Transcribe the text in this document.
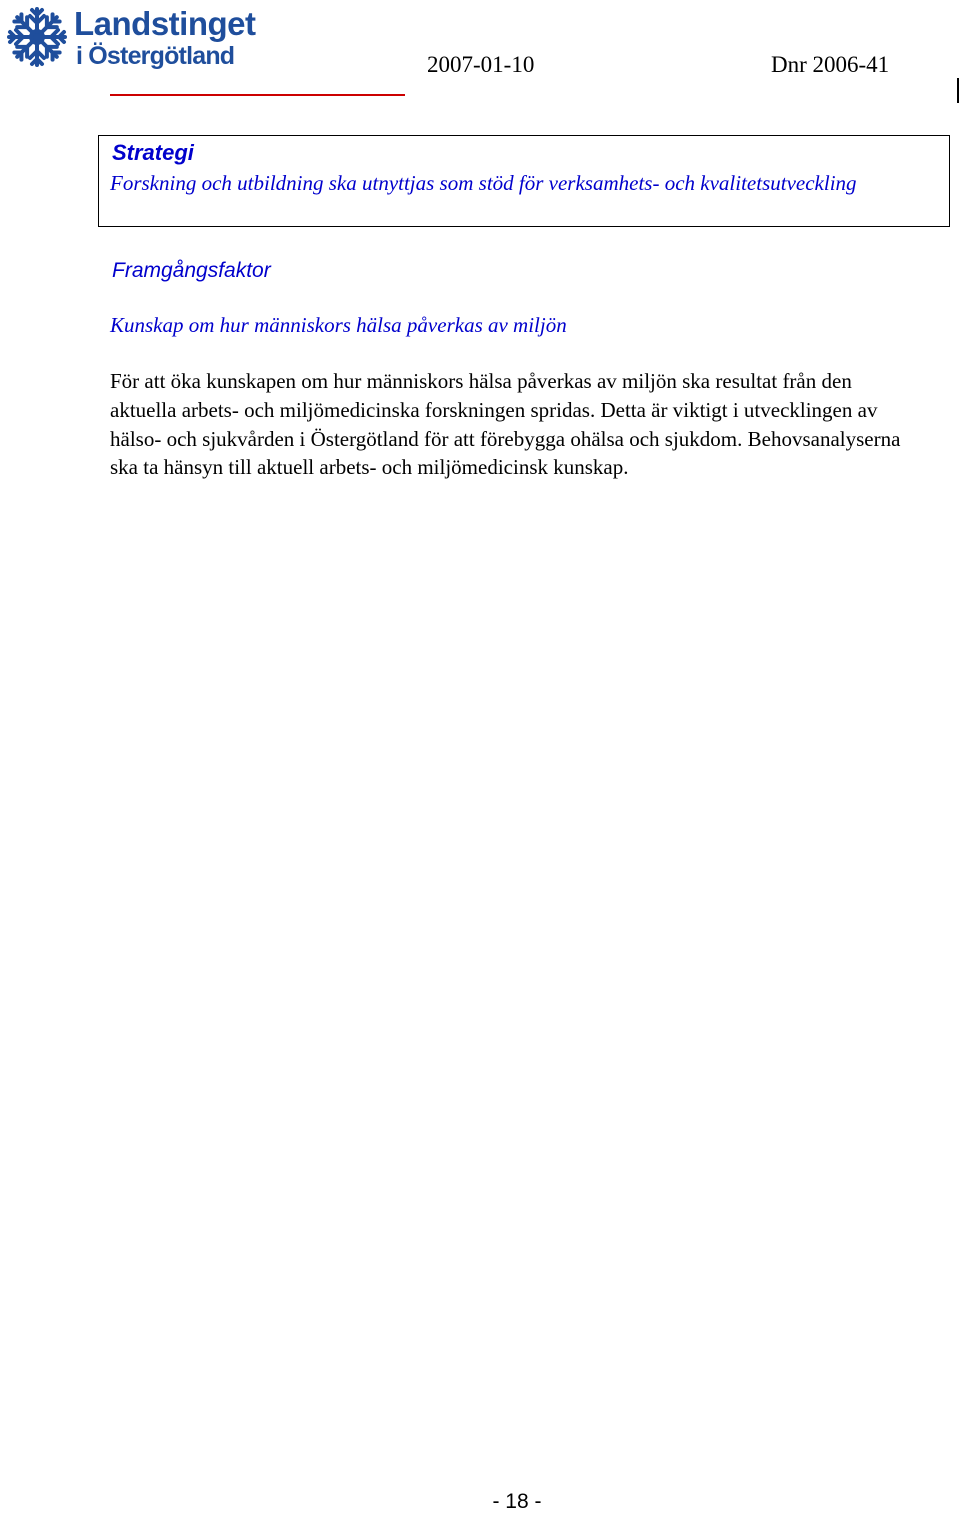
Landstinget
i Östergötland	2007-01-10	Dnr 2006-41
Strategi
Forskning och utbildning ska utnyttjas som stöd för verksamhets- och kvalitetsutveckling
Framgångsfaktor
Kunskap om hur människors hälsa påverkas av miljön
För att öka kunskapen om hur människors hälsa påverkas av miljön ska resultat från den aktuella arbets- och miljömedicinska forskningen spridas. Detta är viktigt i utvecklingen av hälso- och sjukvården i Östergötland för att förebygga ohälsa och sjukdom. Behovsanalyserna ska ta hänsyn till aktuell arbets- och miljömedicinsk kunskap.
- 18 -
